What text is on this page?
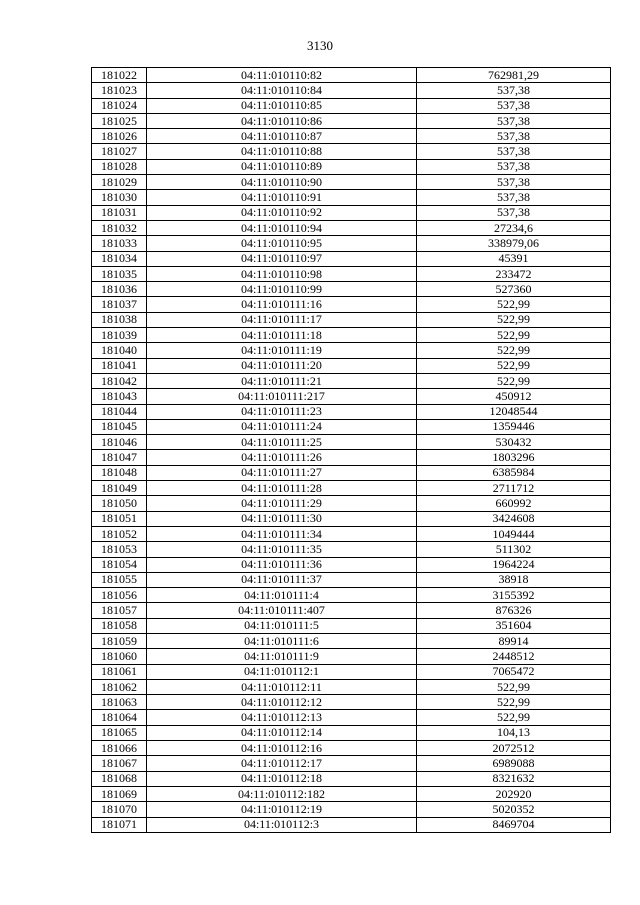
3130
181022	04:11:010110:82	762981,29
181023	04:11:010110:84	537,38
181024	04:11:010110:85	537,38
181025	04:11:010110:86	537,38
181026	04:11:010110:87	537,38
181027	04:11:010110:88	537,38
181028	04:11:010110:89	537,38
181029	04:11:010110:90	537,38
181030	04:11:010110:91	537,38
181031	04:11:010110:92	537,38
181032	04:11:010110:94	27234,6
181033	04:11:010110:95	338979,06
181034	04:11:010110:97	45391
181035	04:11:010110:98	233472
181036	04:11:010110:99	527360
181037	04:11:010111:16	522,99
181038	04:11:010111:17	522,99
181039	04:11:010111:18	522,99
181040	04:11:010111:19	522,99
181041	04:11:010111:20	522,99
181042	04:11:010111:21	522,99
181043	04:11:010111:217	450912
181044	04:11:010111:23	12048544
181045	04:11:010111:24	1359446
181046	04:11:010111:25	530432
181047	04:11:010111:26	1803296
181048	04:11:010111:27	6385984
181049	04:11:010111:28	2711712
181050	04:11:010111:29	660992
181051	04:11:010111:30	3424608
181052	04:11:010111:34	1049444
181053	04:11:010111:35	511302
181054	04:11:010111:36	1964224
181055	04:11:010111:37	38918
181056	04:11:010111:4	3155392
181057	04:11:010111:407	876326
181058	04:11:010111:5	351604
181059	04:11:010111:6	89914
181060	04:11:010111:9	2448512
181061	04:11:010112:1	7065472
181062	04:11:010112:11	522,99
181063	04:11:010112:12	522,99
181064	04:11:010112:13	522,99
181065	04:11:010112:14	104,13
181066	04:11:010112:16	2072512
181067	04:11:010112:17	6989088
181068	04:11:010112:18	8321632
181069	04:11:010112:182	202920
181070	04:11:010112:19	5020352
181071	04:11:010112:3	8469704
